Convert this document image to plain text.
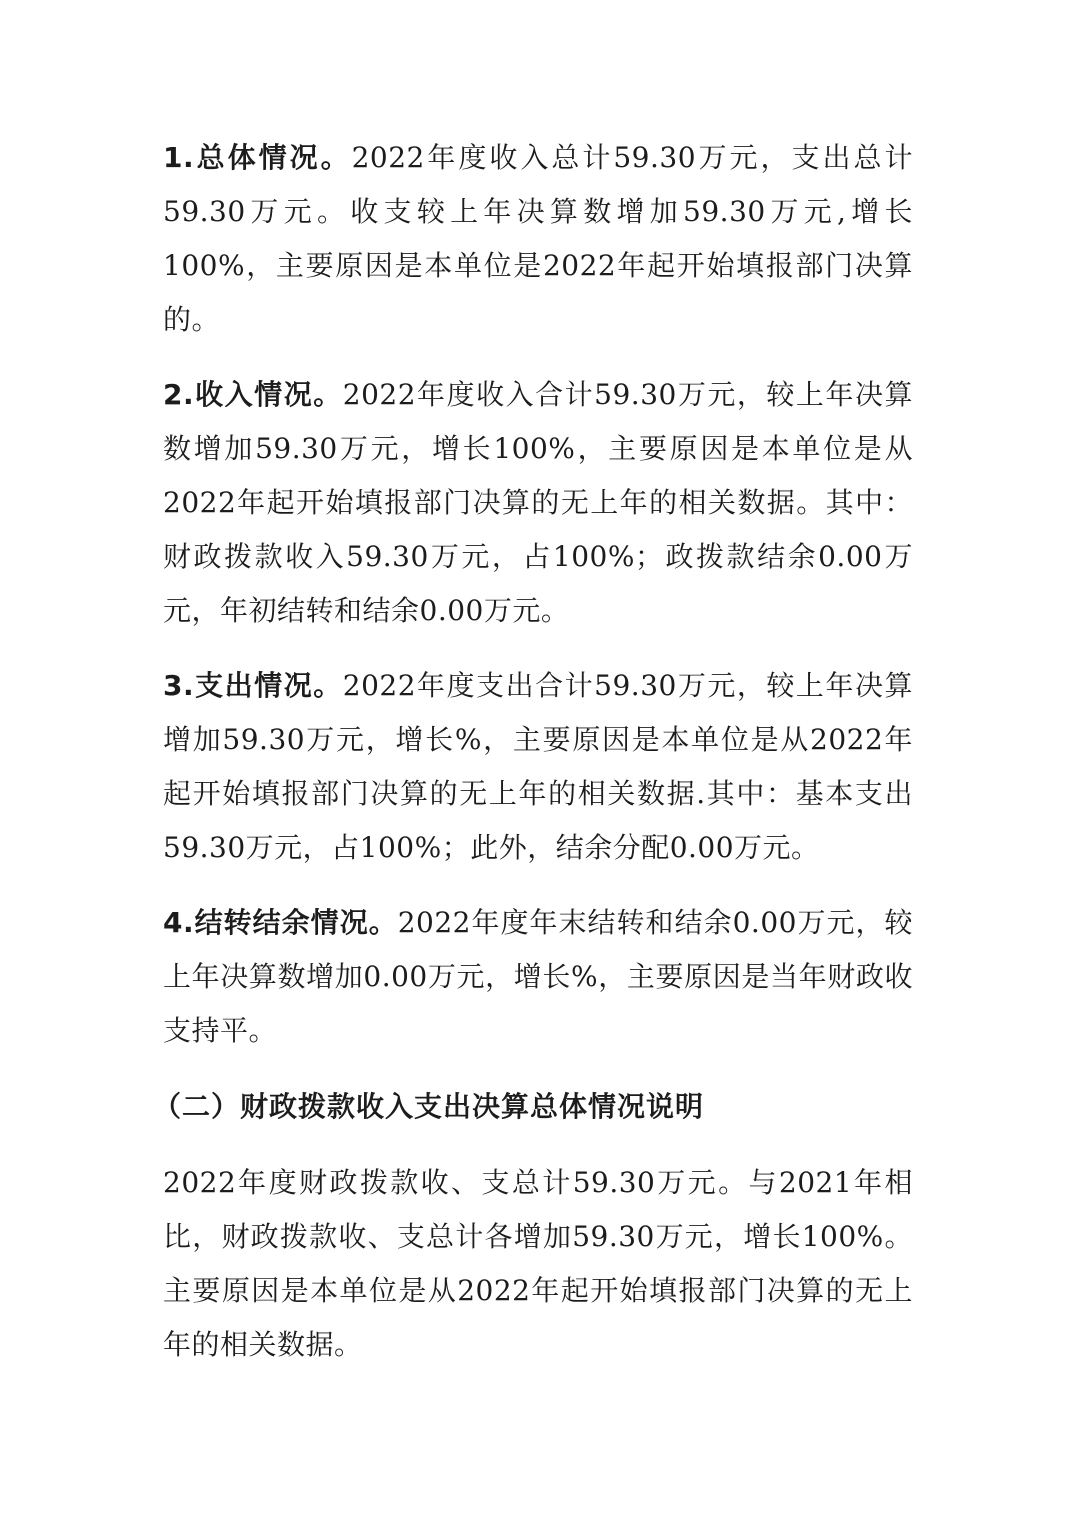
1.总体情况。2022年度收入总计59.30万元，支出总计59.30万元。收支较上年决算数增加59.30万元,增长100%，主要原因是本单位是2022年起开始填报部门决算的。

2.收入情况。2022年度收入合计59.30万元，较上年决算数增加59.30万元，增长100%，主要原因是本单位是从2022年起开始填报部门决算的无上年的相关数据。其中：财政拨款收入59.30万元，占100%；政拨款结余0.00万元，年初结转和结余0.00万元。

3.支出情况。2022年度支出合计59.30万元，较上年决算增加59.30万元，增长%，主要原因是本单位是从2022年起开始填报部门决算的无上年的相关数据.其中：基本支出59.30万元，占100%；此外，结余分配0.00万元。

4.结转结余情况。2022年度年末结转和结余0.00万元，较上年决算数增加0.00万元，增长%，主要原因是当年财政收支持平。

（二）财政拨款收入支出决算总体情况说明

2022年度财政拨款收、支总计59.30万元。与2021年相比，财政拨款收、支总计各增加59.30万元，增长100%。主要原因是本单位是从2022年起开始填报部门决算的无上年的相关数据。
